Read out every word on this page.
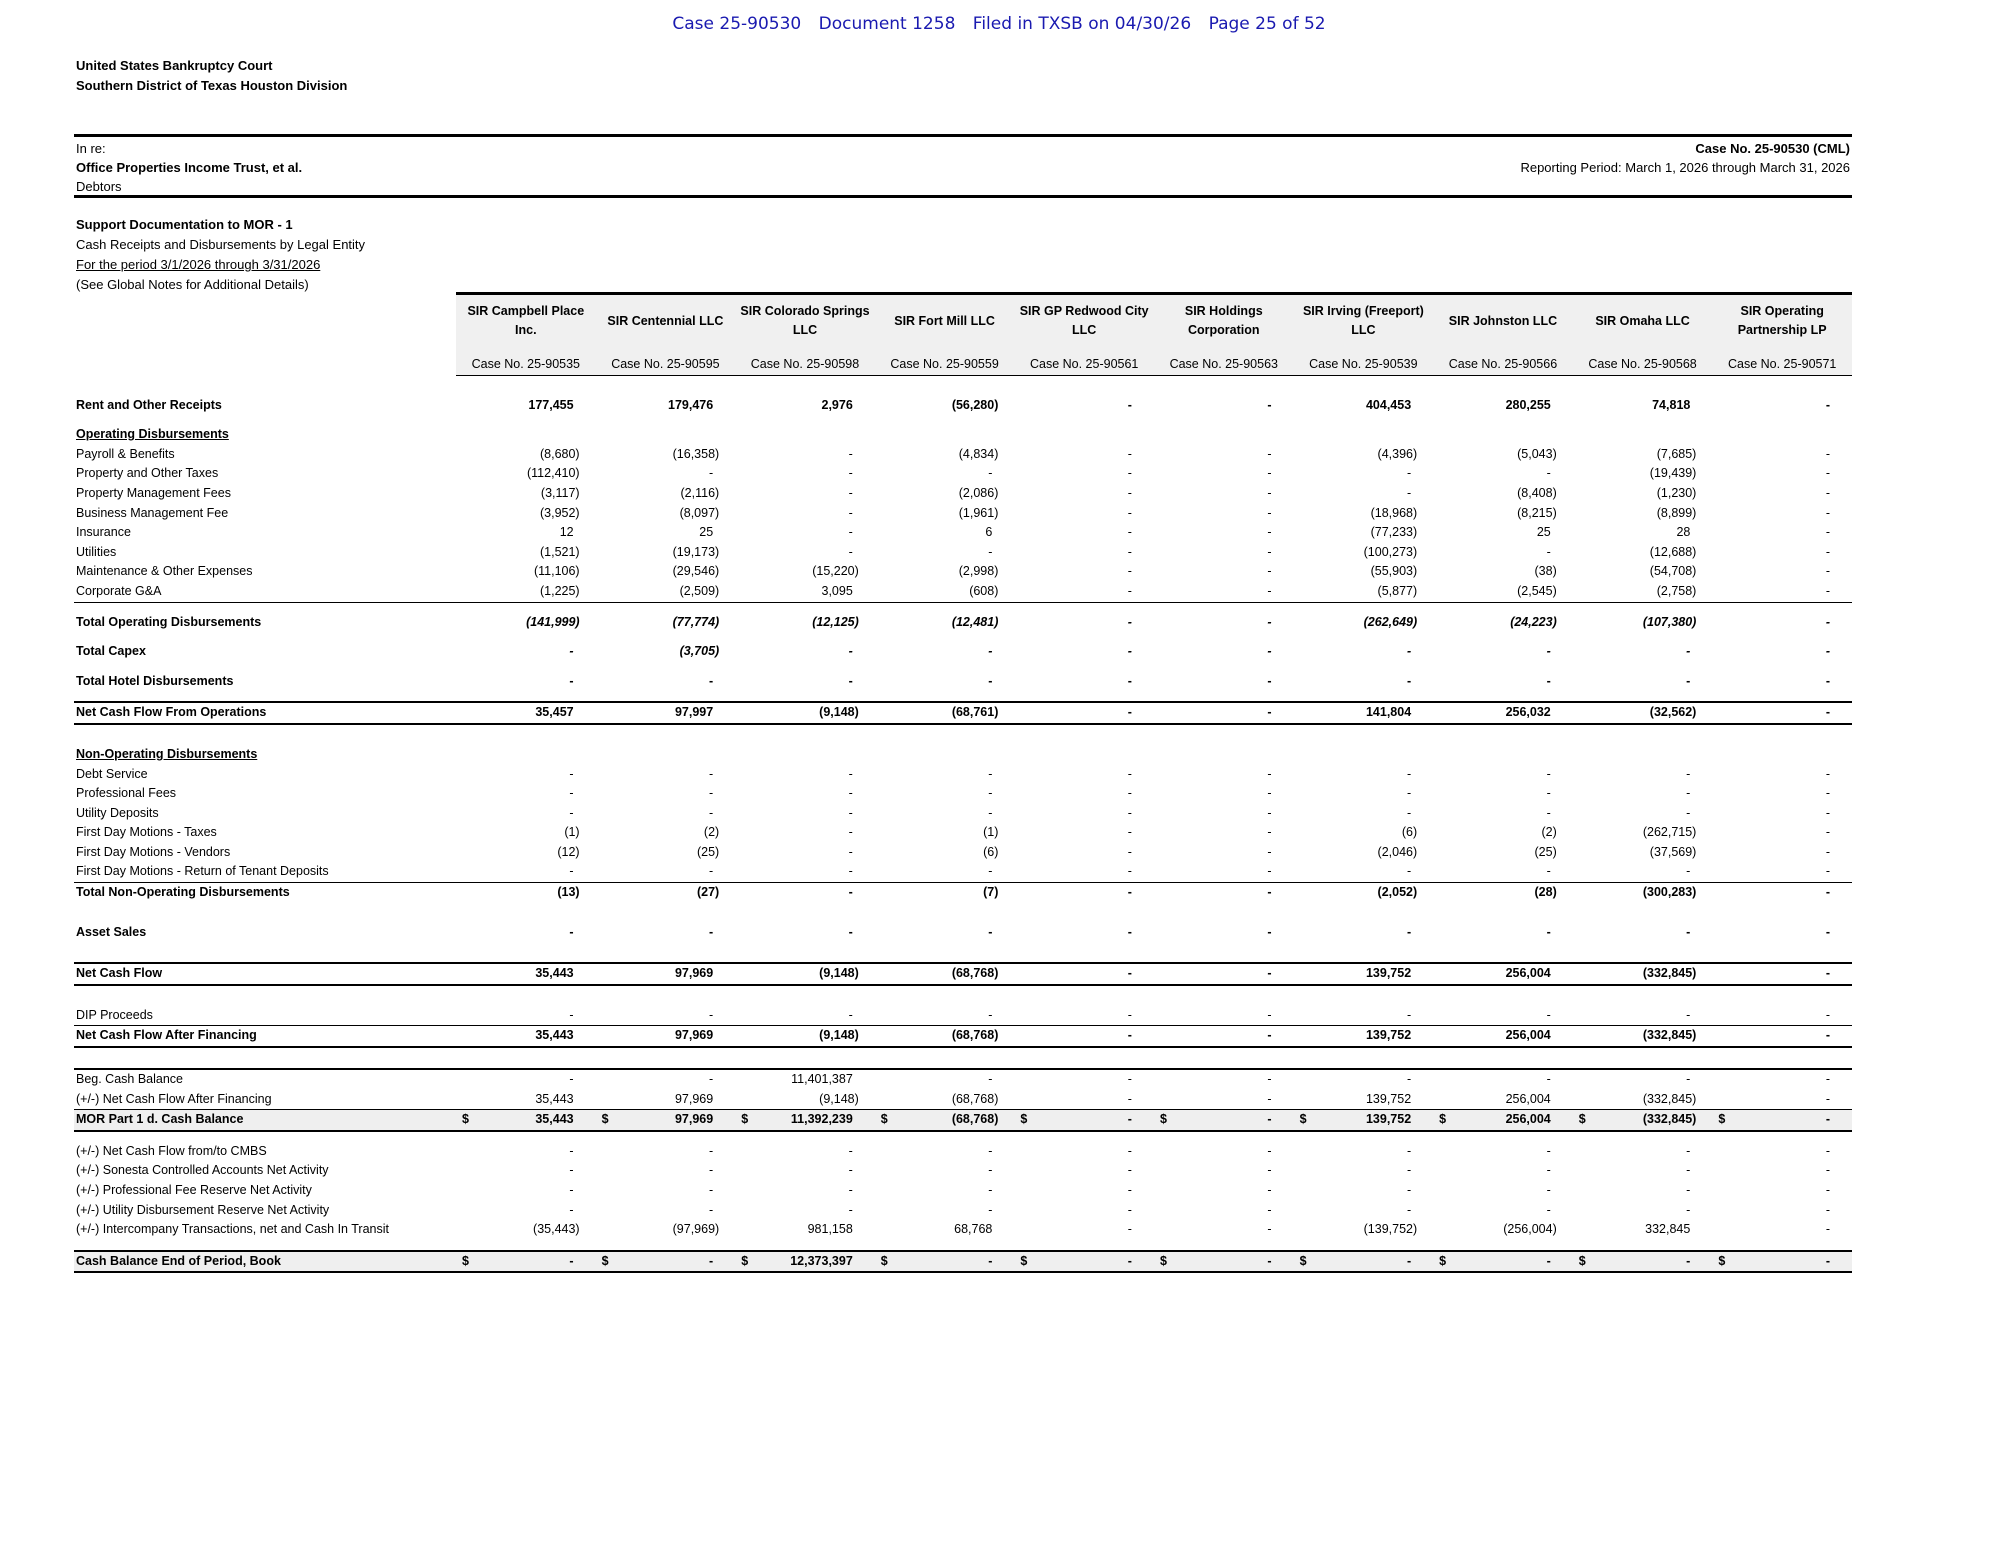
Case 25-90530 Document 1258 Filed in TXSB on 04/30/26 Page 25 of 52
United States Bankruptcy Court
Southern District of Texas Houston Division
In re:
Office Properties Income Trust, et al.
Debtors
Case No. 25-90530 (CML)
Reporting Period: March 1, 2026 through March 31, 2026
Support Documentation to MOR - 1
Cash Receipts and Disbursements by Legal Entity
For the period 3/1/2026 through 3/31/2026
(See Global Notes for Additional Details)
	SIR Campbell Place Inc.	SIR Centennial LLC	SIR Colorado Springs LLC	SIR Fort Mill LLC	SIR GP Redwood City LLC	SIR Holdings Corporation	SIR Irving (Freeport) LLC	SIR Johnston LLC	SIR Omaha LLC	SIR Operating Partnership LP

	Case No. 25-90535	Case No. 25-90595	Case No. 25-90598	Case No. 25-90559	Case No. 25-90561	Case No. 25-90563	Case No. 25-90539	Case No. 25-90566	Case No. 25-90568	Case No. 25-90571

Rent and Other Receipts	177,455	179,476	2,976	(56,280)	-	-	404,453	280,255	74,818	-

Operating Disbursements										
Payroll & Benefits	(8,680)	(16,358)	-	(4,834)	-	-	(4,396)	(5,043)	(7,685)	-
Property and Other Taxes	(112,410)	-	-	-	-	-	-	-	(19,439)	-
Property Management Fees	(3,117)	(2,116)	-	(2,086)	-	-	-	(8,408)	(1,230)	-
Business Management Fee	(3,952)	(8,097)	-	(1,961)	-	-	(18,968)	(8,215)	(8,899)	-
Insurance	12	25	-	6	-	-	(77,233)	25	28	-
Utilities	(1,521)	(19,173)	-	-	-	-	(100,273)	-	(12,688)	-
Maintenance & Other Expenses	(11,106)	(29,546)	(15,220)	(2,998)	-	-	(55,903)	(38)	(54,708)	-
Corporate G&A	(1,225)	(2,509)	3,095	(608)	-	-	(5,877)	(2,545)	(2,758)	-

Total Operating Disbursements	(141,999)	(77,774)	(12,125)	(12,481)	-	-	(262,649)	(24,223)	(107,380)	-

Total Capex	-	(3,705)	-	-	-	-	-	-	-	-

Total Hotel Disbursements	-	-	-	-	-	-	-	-	-	-

Net Cash Flow From Operations	35,457	97,997	(9,148)	(68,761)	-	-	141,804	256,032	(32,562)	-

Non-Operating Disbursements										
Debt Service	-	-	-	-	-	-	-	-	-	-
Professional Fees	-	-	-	-	-	-	-	-	-	-
Utility Deposits	-	-	-	-	-	-	-	-	-	-
First Day Motions - Taxes	(1)	(2)	-	(1)	-	-	(6)	(2)	(262,715)	-
First Day Motions - Vendors	(12)	(25)	-	(6)	-	-	(2,046)	(25)	(37,569)	-
First Day Motions - Return of Tenant Deposits	-	-	-	-	-	-	-	-	-	-
Total Non-Operating Disbursements	(13)	(27)	-	(7)	-	-	(2,052)	(28)	(300,283)	-

Asset Sales	-	-	-	-	-	-	-	-	-	-

Net Cash Flow	35,443	97,969	(9,148)	(68,768)	-	-	139,752	256,004	(332,845)	-

DIP Proceeds	-	-	-	-	-	-	-	-	-	-
Net Cash Flow After Financing	35,443	97,969	(9,148)	(68,768)	-	-	139,752	256,004	(332,845)	-

Beg. Cash Balance	-	-	11,401,387	-	-	-	-	-	-	-
(+/-) Net Cash Flow After Financing	35,443	97,969	(9,148)	(68,768)	-	-	139,752	256,004	(332,845)	-
MOR Part 1 d. Cash Balance	$ 35,443	$ 97,969	$ 11,392,239	$ (68,768)	$ -	$ -	$ 139,752	$ 256,004	$ (332,845)	$ -

(+/-) Net Cash Flow from/to CMBS	-	-	-	-	-	-	-	-	-	-
(+/-) Sonesta Controlled Accounts Net Activity	-	-	-	-	-	-	-	-	-	-
(+/-) Professional Fee Reserve Net Activity	-	-	-	-	-	-	-	-	-	-
(+/-) Utility Disbursement Reserve Net Activity	-	-	-	-	-	-	-	-	-	-
(+/-) Intercompany Transactions, net and Cash In Transit	(35,443)	(97,969)	981,158	68,768	-	-	(139,752)	(256,004)	332,845	-

Cash Balance End of Period, Book	$ -	$ -	$ 12,373,397	$ -	$ -	$ -	$ -	$ -	$ -	$ -
